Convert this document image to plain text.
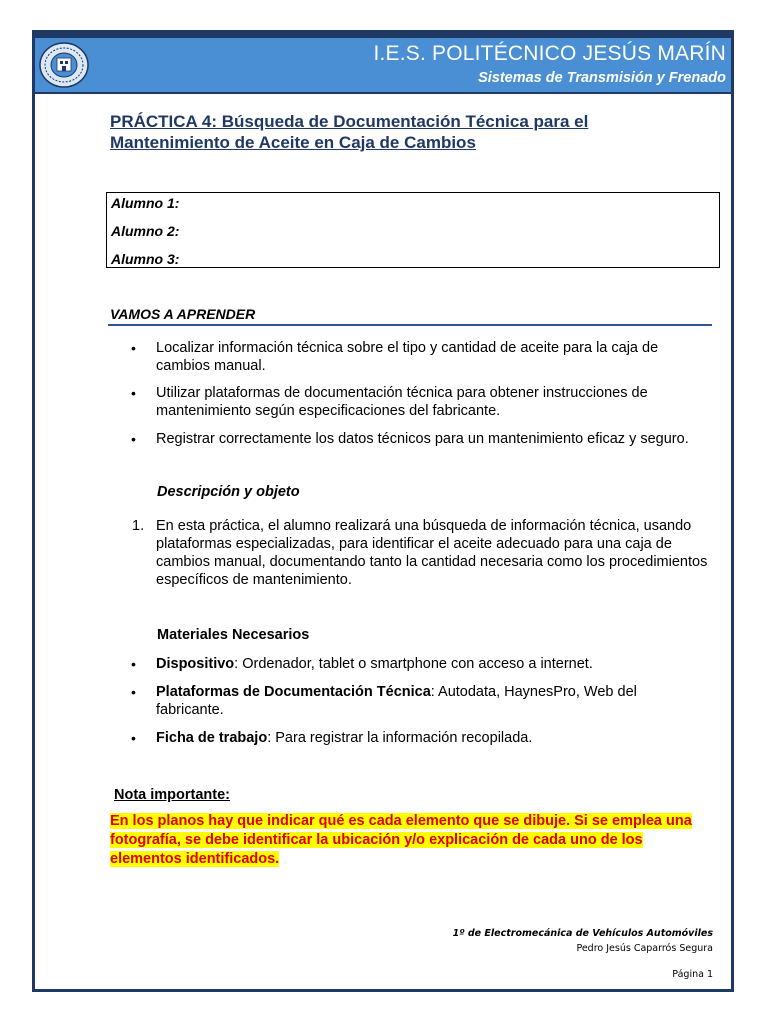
I.E.S. POLITÉCNICO JESÚS MARÍN
Sistemas de Transmisión y Frenado
PRÁCTICA 4: Búsqueda de Documentación Técnica para el Mantenimiento de Aceite en Caja de Cambios
Alumno 1:
Alumno 2:
Alumno 3:
VAMOS A APRENDER
• Localizar información técnica sobre el tipo y cantidad de aceite para la caja de cambios manual.
• Utilizar plataformas de documentación técnica para obtener instrucciones de mantenimiento según especificaciones del fabricante.
• Registrar correctamente los datos técnicos para un mantenimiento eficaz y seguro.
Descripción y objeto
1. En esta práctica, el alumno realizará una búsqueda de información técnica, usando plataformas especializadas, para identificar el aceite adecuado para una caja de cambios manual, documentando tanto la cantidad necesaria como los procedimientos específicos de mantenimiento.
Materiales Necesarios
• Dispositivo: Ordenador, tablet o smartphone con acceso a internet.
• Plataformas de Documentación Técnica: Autodata, HaynesPro, Web del fabricante.
• Ficha de trabajo: Para registrar la información recopilada.
Nota importante:
En los planos hay que indicar qué es cada elemento que se dibuje. Si se emplea una fotografía, se debe identificar la ubicación y/o explicación de cada uno de los elementos identificados.
1º de Electromecánica de Vehículos Automóviles
Pedro Jesús Caparrós Segura
Página 1
